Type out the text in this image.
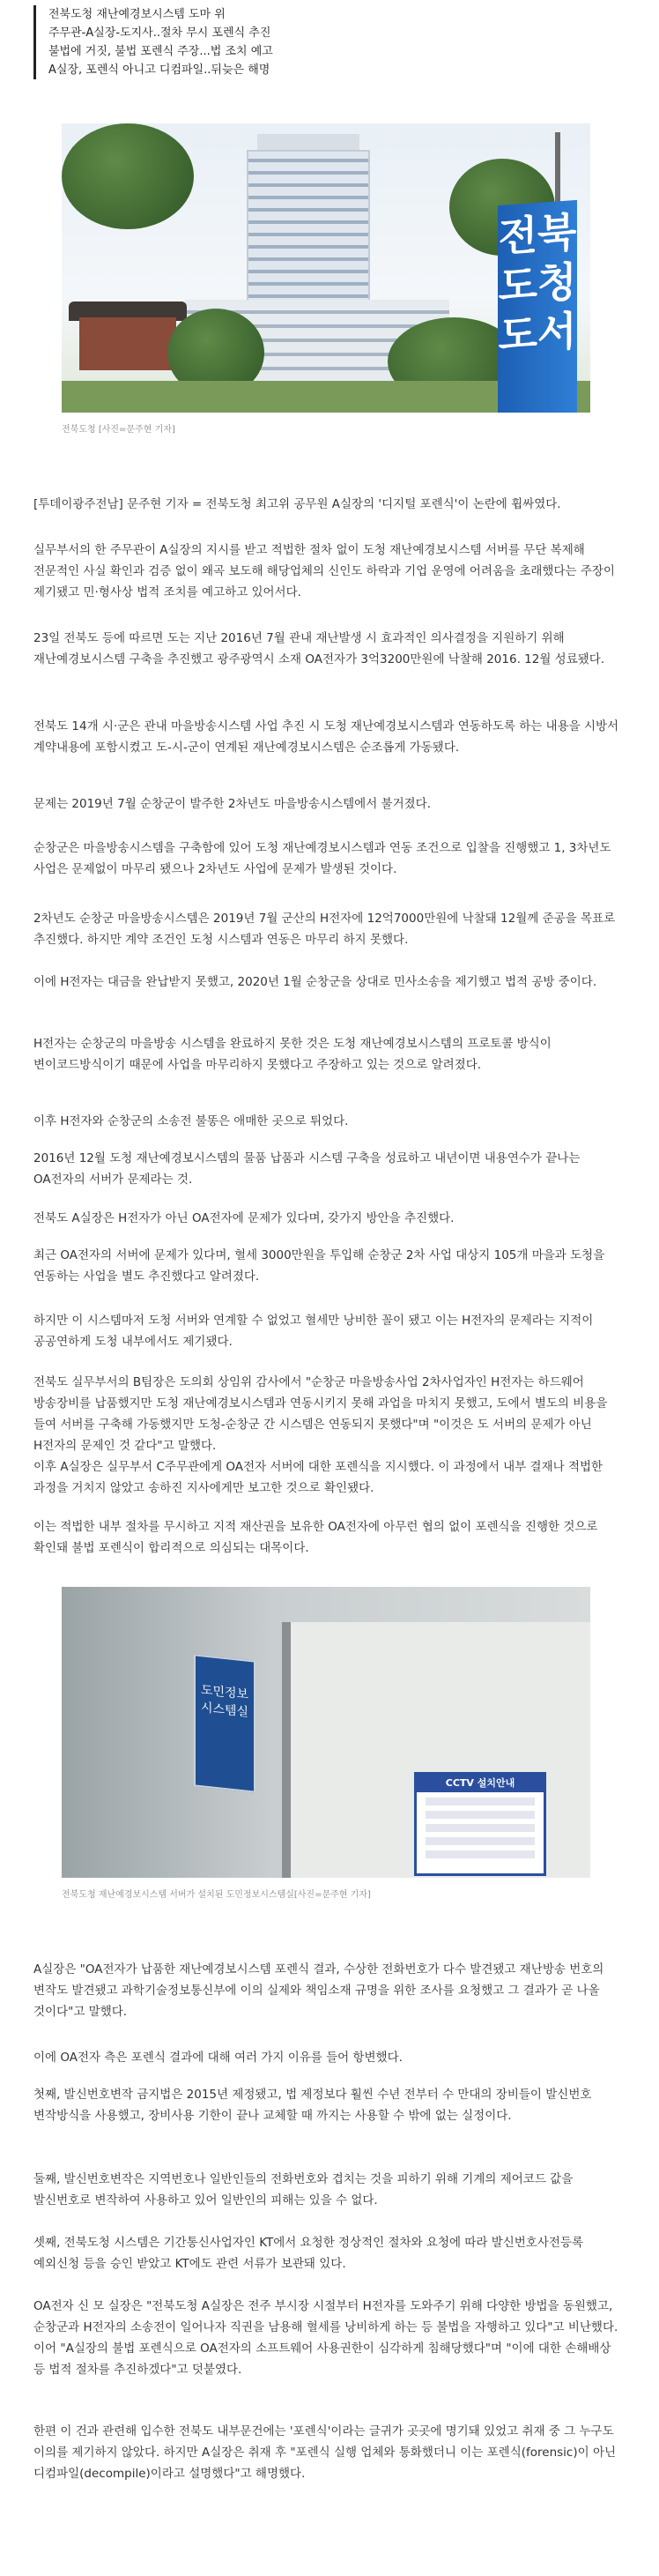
전북도청 재난예경보시스템 도마 위
주무관-A실장-도지사..절차 무시 포렌식 추진
불법에 거짓, 불법 포렌식 주장...법 조치 예고
A실장, 포렌식 아니고 디컴파일..뒤늦은 해명
전북도청도서
전북도청 [사진=문주현 기자]

[투데이광주전남] 문주현 기자 = 전북도청 최고위 공무원 A실장의 '디지털 포렌식'이 논란에 휩싸였다.

실무부서의 한 주무관이 A실장의 지시를 받고 적법한 절차 없이 도청 재난예경보시스템 서버를 무단 복제해 전문적인 사실 확인과 검증 없이 왜곡 보도해 해당업체의 신인도 하락과 기업 운영에 어려움을 초래했다는 주장이 제기됐고 민·형사상 법적 조치를 예고하고 있어서다.

23일 전북도 등에 따르면 도는 지난 2016년 7월 관내 재난발생 시 효과적인 의사결정을 지원하기 위해 재난예경보시스템 구축을 추진했고 광주광역시 소재 OA전자가 3억3200만원에 낙찰해 2016. 12월 성료됐다.

전북도 14개 시·군은 관내 마을방송시스템 사업 추진 시 도청 재난예경보시스템과 연동하도록 하는 내용을 시방서 계약내용에 포함시켰고 도-시-군이 연계된 재난예경보시스템은 순조롭게 가동됐다.

문제는 2019년 7월 순창군이 발주한 2차년도 마을방송시스템에서 불거졌다.

순창군은 마을방송시스템을 구축함에 있어 도청 재난예경보시스템과 연동 조건으로 입찰을 진행했고 1, 3차년도 사업은 문제없이 마무리 됐으나 2차년도 사업에 문제가 발생된 것이다.

2차년도 순창군 마을방송시스템은 2019년 7월 군산의 H전자에 12억7000만원에 낙찰돼 12월께 준공을 목표로 추진했다. 하지만 계약 조건인 도청 시스템과 연동은 마무리 하지 못했다.

이에 H전자는 대금을 완납받지 못했고, 2020년 1월 순창군을 상대로 민사소송을 제기했고 법적 공방 중이다.

H전자는 순창군의 마을방송 시스템을 완료하지 못한 것은 도청 재난예경보시스템의 프로토콜 방식이 변이코드방식이기 때문에 사업을 마무리하지 못했다고 주장하고 있는 것으로 알려졌다.

이후 H전자와 순창군의 소송전 불똥은 애매한 곳으로 튀었다.

2016년 12월 도청 재난예경보시스템의 물품 납품과 시스템 구축을 성료하고 내년이면 내용연수가 끝나는 OA전자의 서버가 문제라는 것.

전북도 A실장은 H전자가 아닌 OA전자에 문제가 있다며, 갖가지 방안을 추진했다.

최근 OA전자의 서버에 문제가 있다며, 혈세 3000만원을 투입해 순창군 2차 사업 대상지 105개 마을과 도청을 연동하는 사업을 별도 추진했다고 알려졌다.

하지만 이 시스템마저 도청 서버와 연계할 수 없었고 혈세만 낭비한 꼴이 됐고 이는 H전자의 문제라는 지적이 공공연하게 도청 내부에서도 제기됐다.

전북도 실무부서의 B팀장은 도의회 상임위 감사에서 "순창군 마을방송사업 2차사업자인 H전자는 하드웨어 방송장비를 납품했지만 도청 재난예경보시스템과 연동시키지 못해 과업을 마치지 못했고, 도에서 별도의 비용을 들여 서버를 구축해 가동했지만 도청-순창군 간 시스템은 연동되지 못했다"며 "이것은 도 서버의 문제가 아닌 H전자의 문제인 것 같다"고 말했다.

이후 A실장은 실무부서 C주무관에게 OA전자 서버에 대한 포렌식을 지시했다. 이 과정에서 내부 결재나 적법한 과정을 거치지 않았고 송하진 지사에게만 보고한 것으로 확인됐다.

이는 적법한 내부 절차를 무시하고 지적 재산권을 보유한 OA전자에 아무런 협의 없이 포렌식을 진행한 것으로 확인돼 불법 포렌식이 합리적으로 의심되는 대목이다.

도민정보 시스템실
CCTV 설치안내
전북도청 재난예경보시스템 서버가 설치된 도민정보시스템실[사진=문주현 기자]

A실장은 "OA전자가 납품한 재난예경보시스템 포렌식 결과, 수상한 전화번호가 다수 발견됐고 재난방송 번호의 변작도 발견됐고 과학기술정보통신부에 이의 실제와 책임소재 규명을 위한 조사를 요청했고 그 결과가 곧 나올 것이다"고 말했다.

이에 OA전자 측은 포렌식 결과에 대해 여러 가지 이유를 들어 항변했다.

첫째, 발신번호변작 금지법은 2015년 제정됐고, 법 제정보다 훨씬 수년 전부터 수 만대의 장비들이 발신번호 변작방식을 사용했고, 장비사용 기한이 끝나 교체할 때 까지는 사용할 수 밖에 없는 실정이다.

둘째, 발신번호변작은 지역번호나 일반인들의 전화번호와 겹치는 것을 피하기 위해 기계의 제어코드 값을 발신번호로 변작하여 사용하고 있어 일반인의 피해는 있을 수 없다.

셋째, 전북도청 시스템은 기간통신사업자인 KT에서 요청한 정상적인 절차와 요청에 따라 발신번호사전등록 예외신청 등을 승인 받았고 KT에도 관련 서류가 보관돼 있다.

OA전자 신 모 실장은 "전북도청 A실장은 전주 부시장 시절부터 H전자를 도와주기 위해 다양한 방법을 동원했고, 순창군과 H전자의 소송전이 일어나자 직권을 남용해 혈세를 낭비하게 하는 등 불법을 자행하고 있다"고 비난했다. 이어 "A실장의 불법 포렌식으로 OA전자의 소프트웨어 사용권한이 심각하게 침해당했다"며 "이에 대한 손해배상 등 법적 절차를 추진하겠다"고 덧붙였다.

한편 이 건과 관련해 입수한 전북도 내부문건에는 '포렌식'이라는 글귀가 곳곳에 명기돼 있었고 취재 중 그 누구도 이의를 제기하지 않았다. 하지만 A실장은 취재 후 "포렌식 실행 업체와 통화했더니 이는 포렌식(forensic)이 아닌 디컴파일(decompile)이라고 설명했다"고 해명했다.
